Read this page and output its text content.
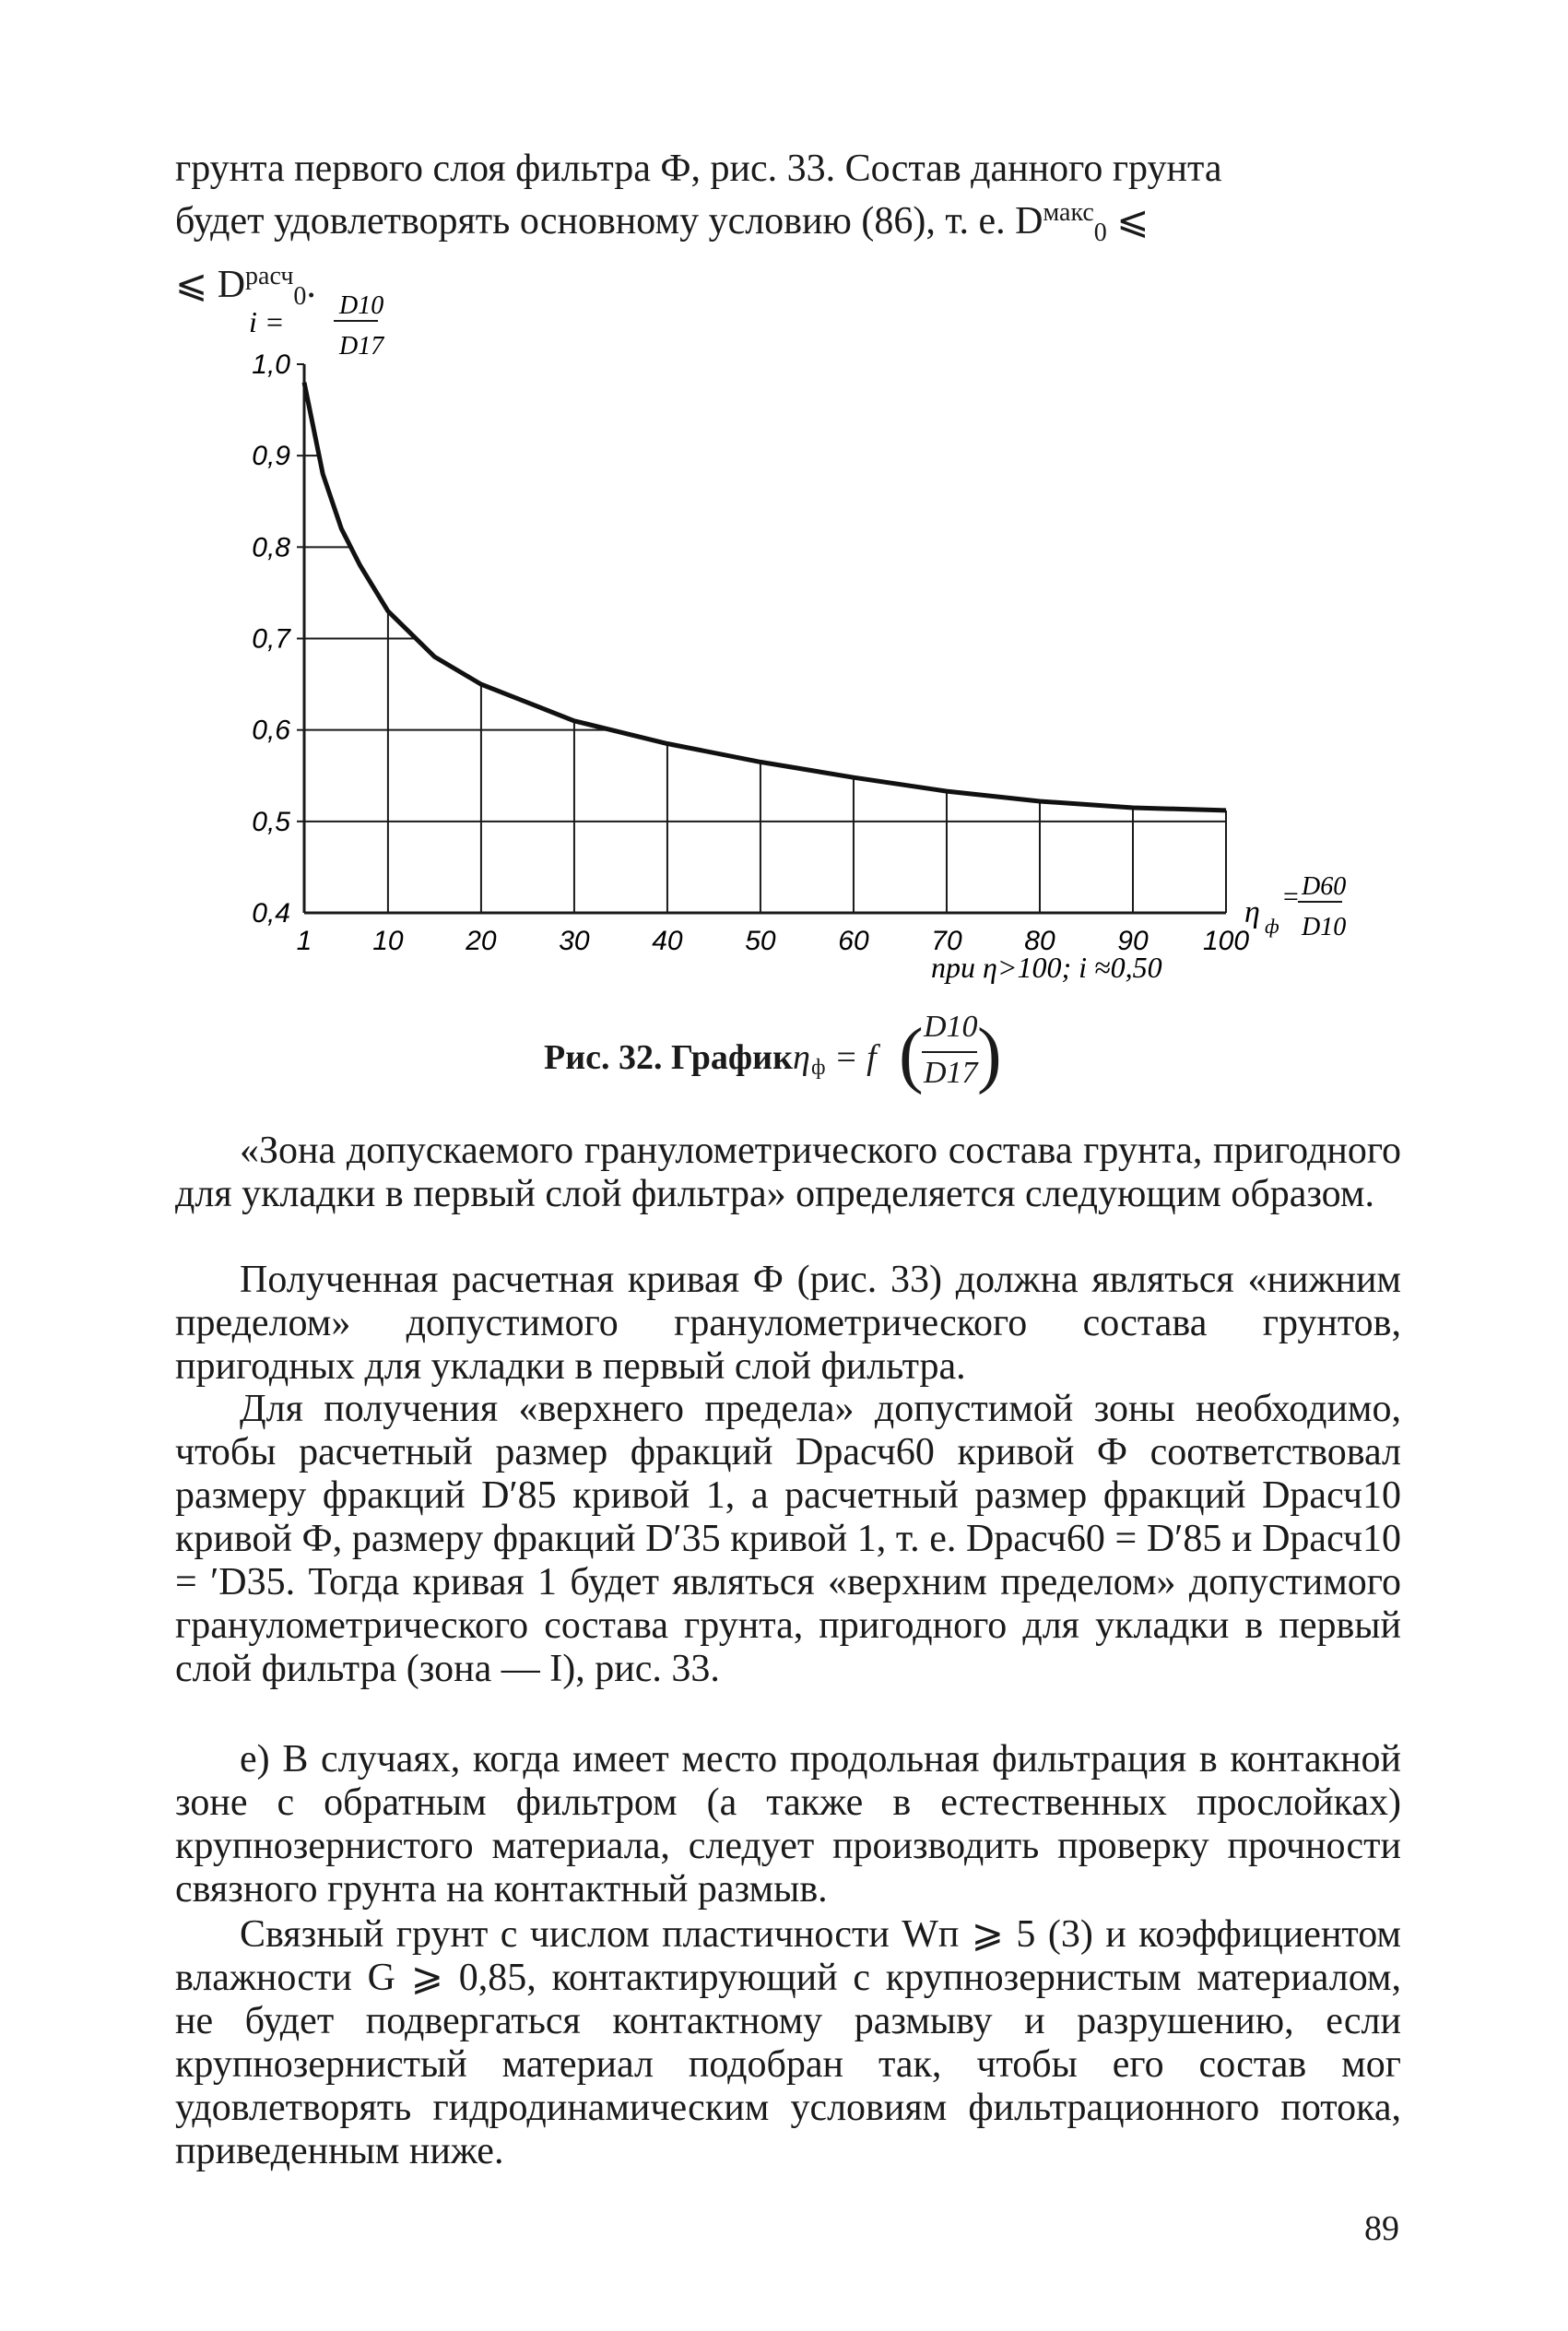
грунта первого слоя фильтра Ф, рис. 33. Состав данного грунта
будет удовлетворять основному условию (86), т. е. $D^{макс}_0$ ⩽
⩽ $D^{расч}_0$.
1 10 20 30 40 50 60 70 80 90 100
0,4
0,5
0,6
0,7
0,8
0,9
1,0
i = D10
D17
η ф
= D60
D10
при η>100; i ≈0,50
Рис. 32. График η ф = f ( D10
D17 )

«Зона допускаемого гранулометрического состава грунта, пригодного для укладки в первый слой фильтра» определяется следующим образом.

Полученная расчетная кривая Ф (рис. 33) должна являться «нижним пределом» допустимого гранулометрического состава грунтов, пригодных для укладки в первый слой фильтра.

Для получения «верхнего предела» допустимой зоны необходимо, чтобы расчетный размер фракций Dрасч60 кривой Ф соответствовал размеру фракций D′85 кривой 1, а расчетный размер фракций Dрасч10 кривой Ф, размеру фракций D′35 кривой 1, т. е. Dрасч60 = D′85 и Dрасч10 = ′D35. Тогда кривая 1 будет являться «верхним пределом» допустимого гранулометрического состава грунта, пригодного для укладки в первый слой фильтра (зона — I), рис. 33.

е) В случаях, когда имеет место продольная фильтрация в контакной зоне с обратным фильтром (а также в естественных прослойках) крупнозернистого материала, следует производить проверку прочности связного грунта на контактный размыв.

Связный грунт с числом пластичности Wп ⩾ 5 (3) и коэффициентом влажности G ⩾ 0,85, контактирующий с крупнозернистым материалом, не будет подвергаться контактному размыву и разрушению, если крупнозернистый материал подобран так, чтобы его состав мог удовлетворять гидродинамическим условиям фильтрационного потока, приведенным ниже.

89
